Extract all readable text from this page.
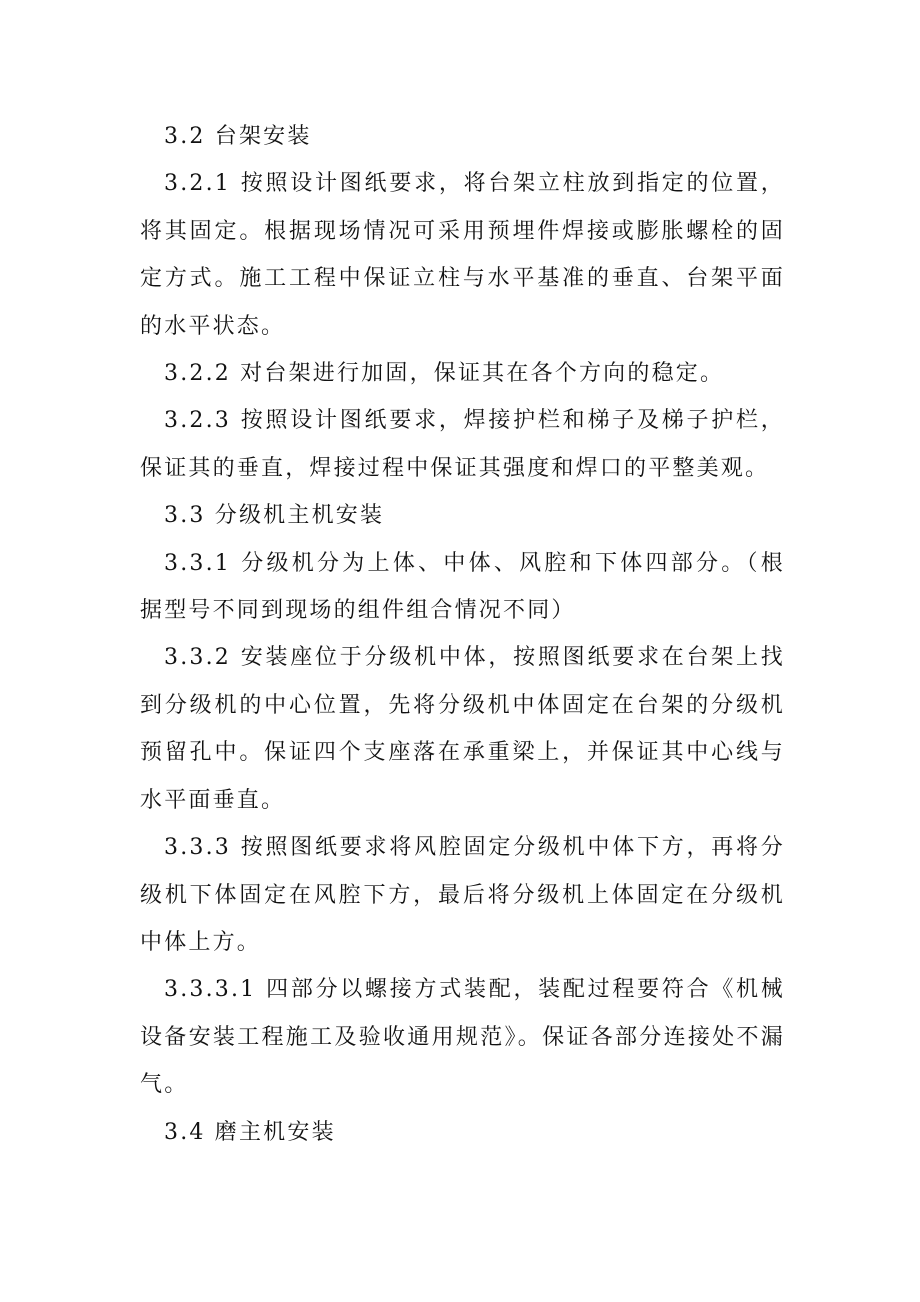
3.2 台架安装

3.2.1 按照设计图纸要求，将台架立柱放到指定的位置，将其固定。根据现场情况可采用预埋件焊接或膨胀螺栓的固定方式。施工工程中保证立柱与水平基准的垂直、台架平面的水平状态。

3.2.2 对台架进行加固，保证其在各个方向的稳定。

3.2.3 按照设计图纸要求，焊接护栏和梯子及梯子护栏，保证其的垂直，焊接过程中保证其强度和焊口的平整美观。

3.3 分级机主机安装

3.3.1 分级机分为上体、中体、风腔和下体四部分。（根据型号不同到现场的组件组合情况不同）

3.3.2 安装座位于分级机中体，按照图纸要求在台架上找到分级机的中心位置，先将分级机中体固定在台架的分级机预留孔中。保证四个支座落在承重梁上，并保证其中心线与水平面垂直。

3.3.3 按照图纸要求将风腔固定分级机中体下方，再将分级机下体固定在风腔下方，最后将分级机上体固定在分级机中体上方。

3.3.3.1 四部分以螺接方式装配，装配过程要符合《机械设备安装工程施工及验收通用规范》。保证各部分连接处不漏气。

3.4 磨主机安装
